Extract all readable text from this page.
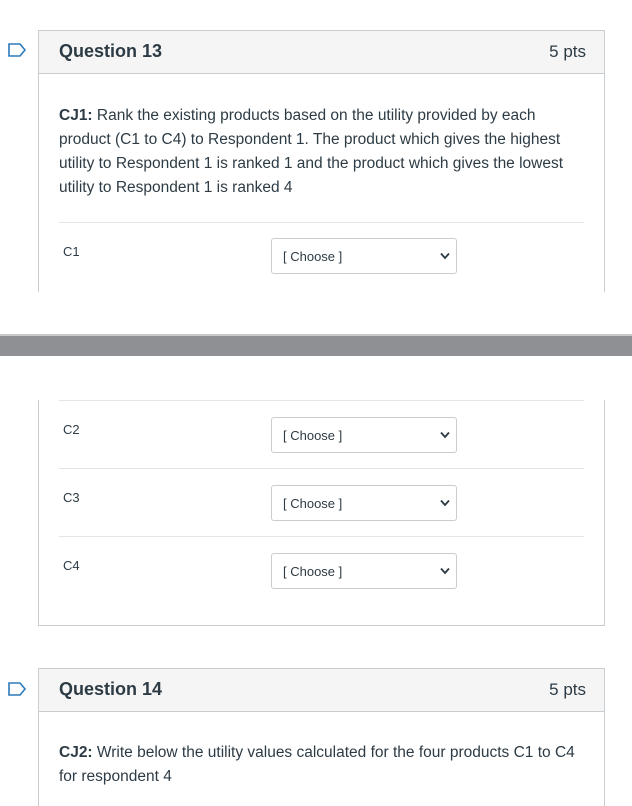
Question 13	5 pts
CJ1: Rank the existing products based on the utility provided by each product (C1 to C4) to Respondent 1. The product which gives the highest utility to Respondent 1 is ranked 1 and the product which gives the lowest utility to Respondent 1 is ranked 4
C1	[ Choose ]
C2	[ Choose ]
C3	[ Choose ]
C4	[ Choose ]
Question 14	5 pts
CJ2: Write below the utility values calculated for the four products C1 to C4 for respondent 4
